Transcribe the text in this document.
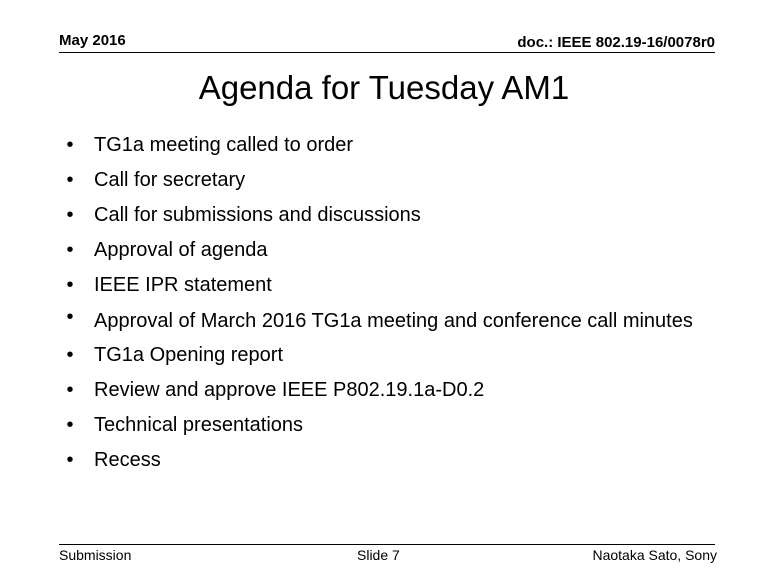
May 2016	doc.: IEEE 802.19-16/0078r0
Agenda for Tuesday AM1
•	TG1a meeting called to order
•	Call for secretary
•	Call for submissions and discussions
•	Approval of agenda
•	IEEE IPR statement
•	Approval of March 2016 TG1a meeting and conference call minutes
•	TG1a Opening report
•	Review and approve IEEE P802.19.1a-D0.2
•	Technical presentations
•	Recess
Submission	Slide 7	Naotaka Sato, Sony
